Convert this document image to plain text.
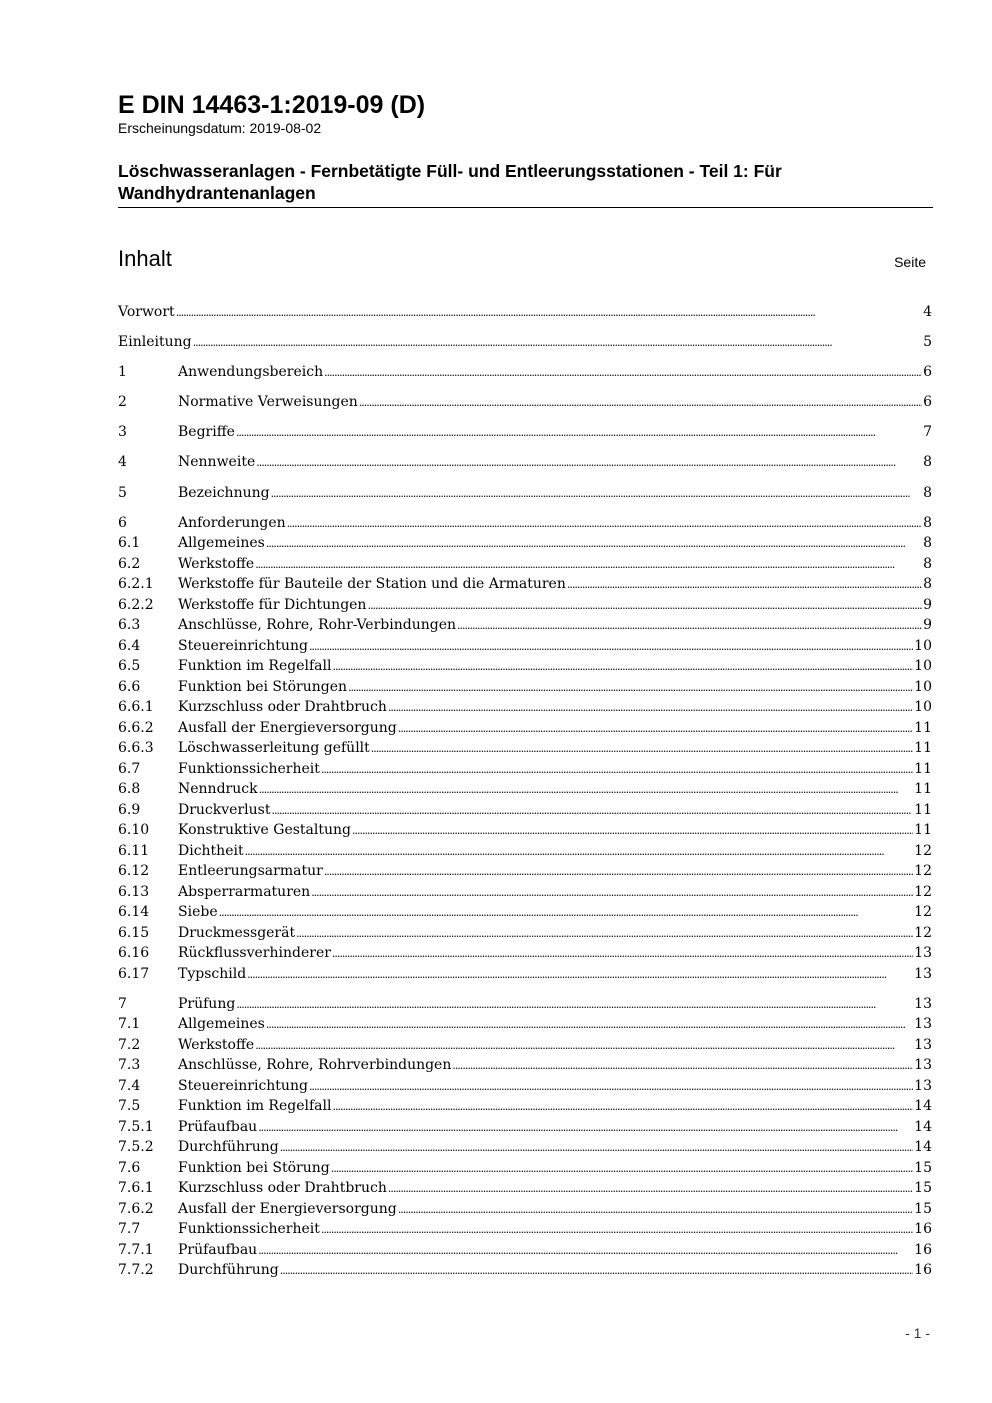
E DIN 14463-1:2019-09 (D)

Erscheinungsdatum: 2019-08-02

Löschwasseranlagen - Fernbetätigte Füll- und Entleerungsstationen - Teil 1: Für Wandhydrantenanlagen
Inhalt	Seite
Vorwort .....	4
Einleitung .....	5
1	Anwendungsbereich .....	6
2	Normative Verweisungen .....	6
3	Begriffe .....	7
4	Nennweite .....	8
5	Bezeichnung .....	8
6	Anforderungen .....	8
6.1	Allgemeines .....	8
6.2	Werkstoffe .....	8
6.2.1	Werkstoffe für Bauteile der Station und die Armaturen .....	8
6.2.2	Werkstoffe für Dichtungen .....	9
6.3	Anschlüsse, Rohre, Rohr-Verbindungen .....	9
6.4	Steuereinrichtung .....	10
6.5	Funktion im Regelfall .....	10
6.6	Funktion bei Störungen .....	10
6.6.1	Kurzschluss oder Drahtbruch .....	10
6.6.2	Ausfall der Energieversorgung .....	11
6.6.3	Löschwasserleitung gefüllt .....	11
6.7	Funktionssicherheit .....	11
6.8	Nenndruck .....	11
6.9	Druckverlust .....	11
6.10	Konstruktive Gestaltung .....	11
6.11	Dichtheit .....	12
6.12	Entleerungsarmatur .....	12
6.13	Absperrarmaturen .....	12
6.14	Siebe .....	12
6.15	Druckmessgerät .....	12
6.16	Rückflussverhinderer .....	13
6.17	Typschild .....	13
7	Prüfung .....	13
7.1	Allgemeines .....	13
7.2	Werkstoffe .....	13
7.3	Anschlüsse, Rohre, Rohrverbindungen .....	13
7.4	Steuereinrichtung .....	13
7.5	Funktion im Regelfall .....	14
7.5.1	Prüfaufbau .....	14
7.5.2	Durchführung .....	14
7.6	Funktion bei Störung .....	15
7.6.1	Kurzschluss oder Drahtbruch .....	15
7.6.2	Ausfall der Energieversorgung .....	15
7.7	Funktionssicherheit .....	16
7.7.1	Prüfaufbau .....	16
7.7.2	Durchführung .....	16
- 1 -
